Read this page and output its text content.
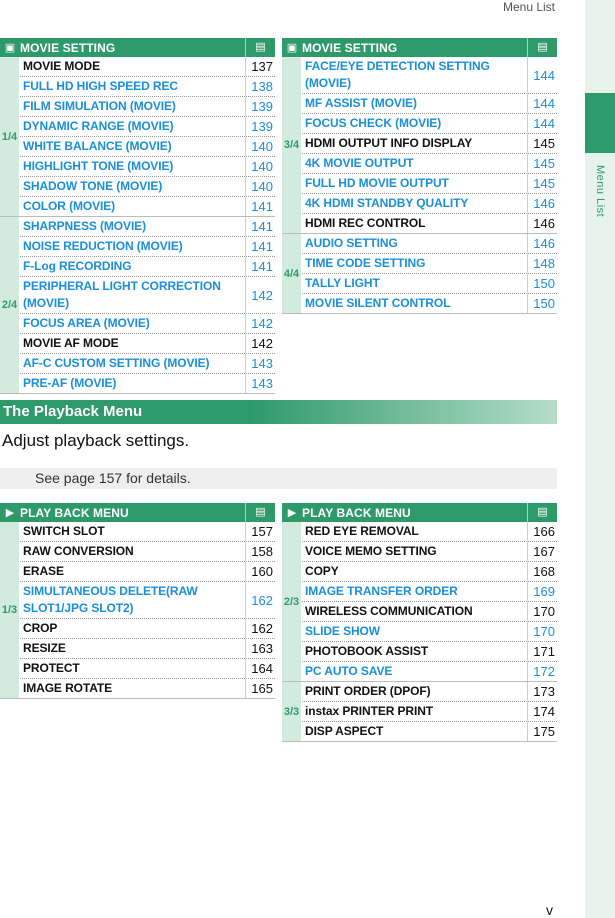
Menu List
Menu List
▣ MOVIE SETTING	▤
1/4
MOVIE MODE	137
FULL HD HIGH SPEED REC	138
FILM SIMULATION (MOVIE)	139
DYNAMIC RANGE (MOVIE)	139
WHITE BALANCE (MOVIE)	140
HIGHLIGHT TONE (MOVIE)	140
SHADOW TONE (MOVIE)	140
COLOR (MOVIE)	141
2/4
SHARPNESS (MOVIE)	141
NOISE REDUCTION (MOVIE)	141
F-Log RECORDING	141
PERIPHERAL LIGHT CORRECTION (MOVIE)
142
FOCUS AREA (MOVIE)	142
MOVIE AF MODE	142
AF-C CUSTOM SETTING (MOVIE)	143
PRE-AF (MOVIE)	143
▣ MOVIE SETTING	▤
3/4
FACE/EYE DETECTION SETTING (MOVIE)
144
MF ASSIST (MOVIE)	144
FOCUS CHECK (MOVIE)	144
HDMI OUTPUT INFO DISPLAY	145
4K MOVIE OUTPUT	145
FULL HD MOVIE OUTPUT	145
4K HDMI STANDBY QUALITY	146
HDMI REC CONTROL	146
4/4
AUDIO SETTING	146
TIME CODE SETTING	148
TALLY LIGHT	150
MOVIE SILENT CONTROL	150
The Playback Menu
Adjust playback settings.
See page 157 for details.
▶ PLAY BACK MENU	▤
1/3
SWITCH SLOT	157
RAW CONVERSION	158
ERASE	160
SIMULTANEOUS DELETE(RAW SLOT1/JPG SLOT2)
162
CROP	162
RESIZE	163
PROTECT	164
IMAGE ROTATE	165
▶ PLAY BACK MENU	▤
2/3
RED EYE REMOVAL	166
VOICE MEMO SETTING	167
COPY	168
IMAGE TRANSFER ORDER	169
WIRELESS COMMUNICATION	170
SLIDE SHOW	170
PHOTOBOOK ASSIST	171
PC AUTO SAVE	172
3/3
PRINT ORDER (DPOF)	173
instax PRINTER PRINT	174
DISP ASPECT	175
v
